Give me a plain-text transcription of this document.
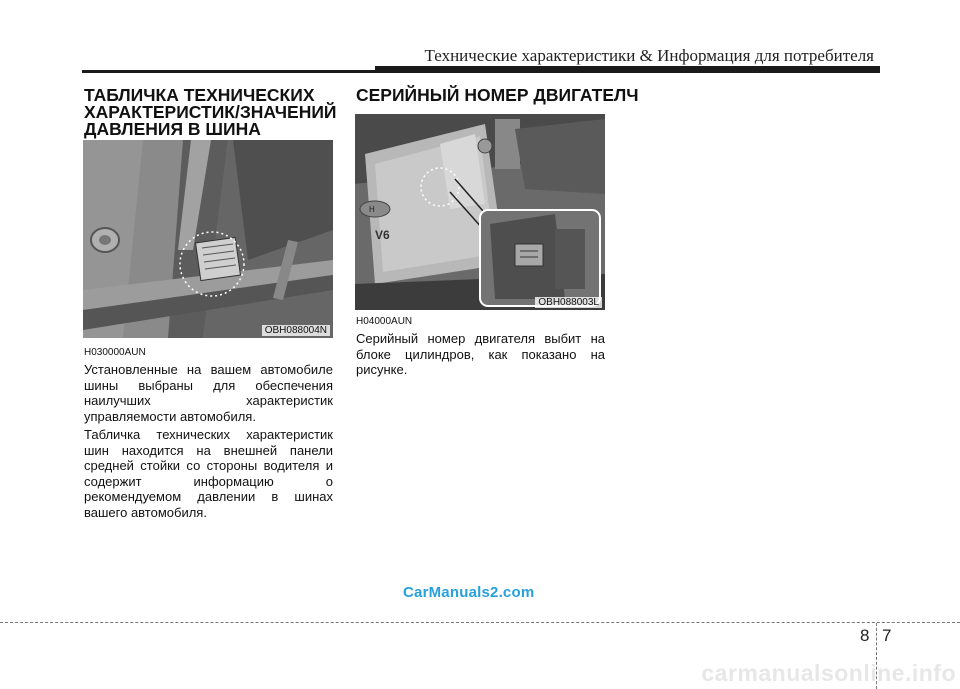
Технические характеристики & Информация для потребителя
ТАБЛИЧКА ТЕХНИЧЕСКИХ
ХАРАКТЕРИСТИК/ЗНАЧЕНИЙ
ДАВЛЕНИЯ В ШИНА
OBH088004N
H030000AUN
Установленные на вашем автомобиле
шины выбраны для обеспечения
наилучших характеристик
управляемости автомобиля.
Табличка технических характеристик
шин находится на внешней панели
средней стойки со стороны водителя и
содержит информацию о
рекомендуемом давлении в шинах
вашего автомобиля.
СЕРИЙНЫЙ НОМЕР ДВИГАТЕЛЧ
H
V6
OBH088003L
H04000AUN
Серийный номер двигателя выбит на
блоке цилиндров, как показано на
рисунке.
CarManuals2.com
8 7
carmanualsonline.info
